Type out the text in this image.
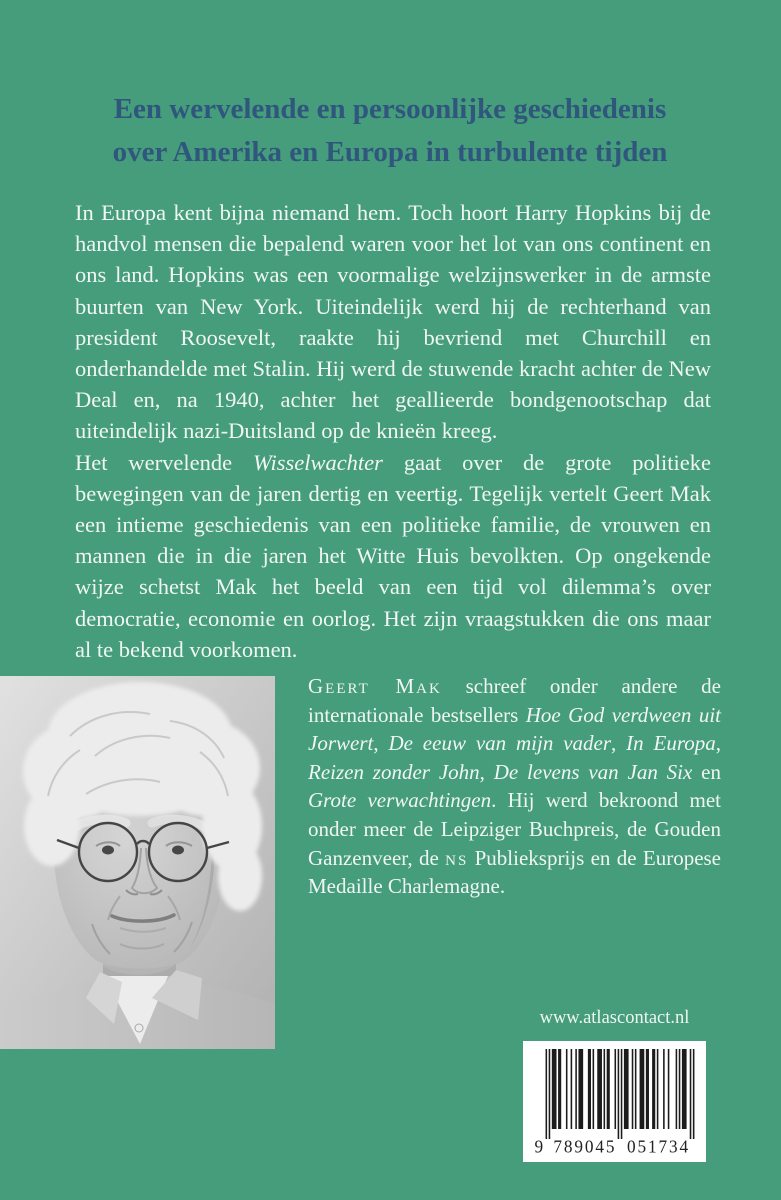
Een wervelende en persoonlijke geschiedenis
over Amerika en Europa in turbulente tijden

In Europa kent bijna niemand hem. Toch hoort Harry Hopkins bij de handvol mensen die bepalend waren voor het lot van ons continent en ons land. Hopkins was een voormalige welzijnswerker in de armste buurten van New York. Uiteindelijk werd hij de rechterhand van president Roosevelt, raakte hij bevriend met Churchill en onderhandelde met Stalin. Hij werd de stuwende kracht achter de New Deal en, na 1940, achter het geallieerde bondgenootschap dat uiteindelijk nazi-Duitsland op de knieën kreeg.

Het wervelende Wisselwachter gaat over de grote politieke bewegingen van de jaren dertig en veertig. Tegelijk vertelt Geert Mak een intieme geschiedenis van een politieke familie, de vrouwen en mannen die in die jaren het Witte Huis bevolkten. Op ongekende wijze schetst Mak het beeld van een tijd vol dilemma’s over democratie, economie en oorlog. Het zijn vraagstukken die ons maar al te bekend voorkomen.

Geert Mak schreef onder andere de internationale bestsellers Hoe God verdween uit Jorwert, De eeuw van mijn vader, In Europa, Reizen zonder John, De levens van Jan Six en Grote verwachtingen. Hij werd bekroond met onder meer de Leipziger Buchpreis, de Gouden Ganzenveer, de ns Publieksprijs en de Europese Medaille Charlemagne.

www.atlascontact.nl
9 789045 051734
